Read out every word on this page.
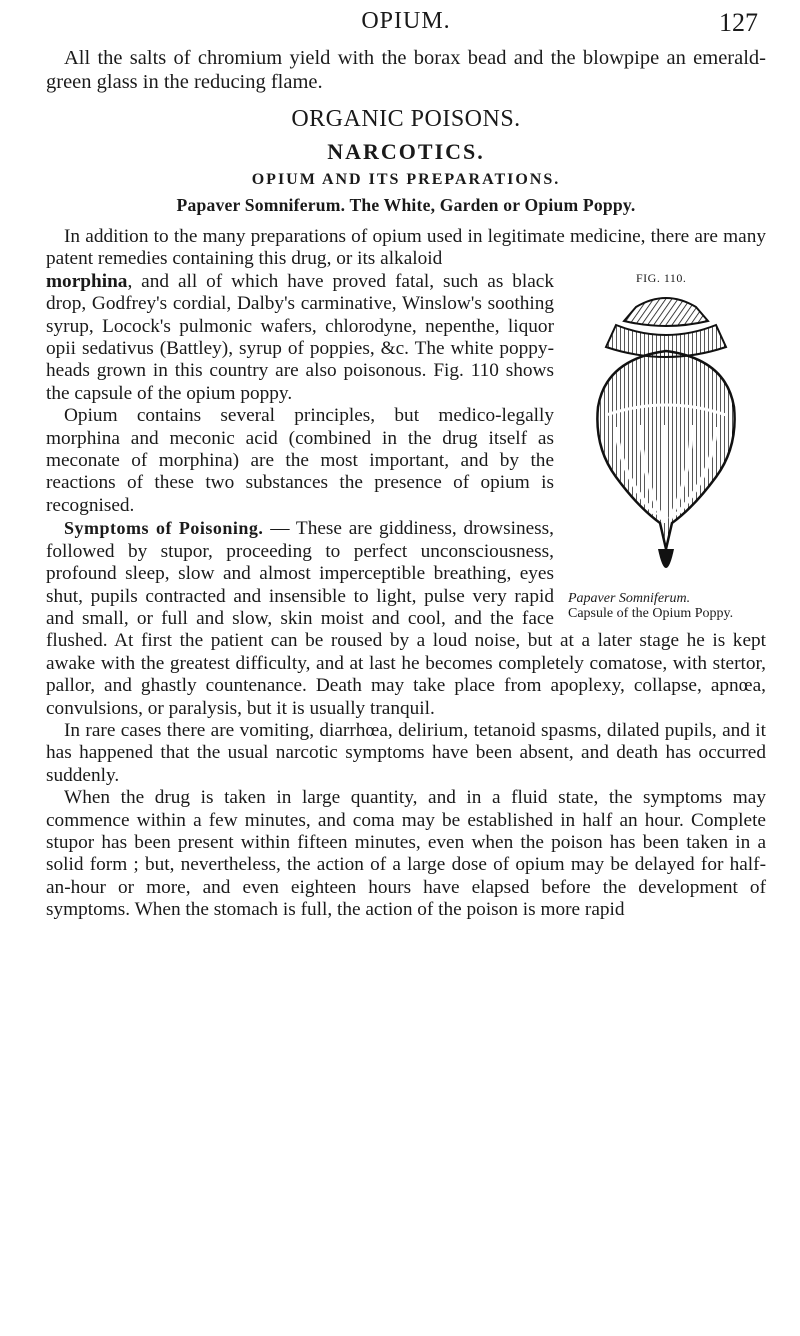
OPIUM.	127

All the salts of chromium yield with the borax bead and the blowpipe an emerald-green glass in the reducing flame.

ORGANIC POISONS.
NARCOTICS.
OPIUM AND ITS PREPARATIONS.
Papaver Somniferum. The White, Garden or Opium Poppy.

In addition to the many preparations of opium used in legitimate medicine, there are many patent remedies containing this drug, or its alkaloid

FIG. 110.
Papaver Somniferum.
Capsule of the Opium Poppy.

morphina, and all of which have proved fatal, such as black drop, Godfrey's cordial, Dalby's carminative, Winslow's soothing syrup, Locock's pulmonic wafers, chlorodyne, nepenthe, liquor opii sedativus (Battley), syrup of poppies, &c. The white poppy-heads grown in this country are also poisonous. Fig. 110 shows the capsule of the opium poppy.

Opium contains several principles, but medico-legally morphina and meconic acid (combined in the drug itself as meconate of morphina) are the most important, and by the reactions of these two substances the presence of opium is recognised.

Symptoms of Poisoning. — These are giddiness, drowsiness, followed by stupor, proceeding to perfect unconsciousness, profound sleep, slow and almost imperceptible breathing, eyes shut, pupils contracted and insensible to light, pulse very rapid and small, or full and slow, skin moist and cool, and the face flushed. At first the patient can be roused by a loud noise, but at a later stage he is kept awake with the greatest difficulty, and at last he becomes completely comatose, with stertor, pallor, and ghastly countenance. Death may take place from apoplexy, collapse, apnœa, convulsions, or paralysis, but it is usually tranquil.

In rare cases there are vomiting, diarrhœa, delirium, tetanoid spasms, dilated pupils, and it has happened that the usual narcotic symptoms have been absent, and death has occurred suddenly.

When the drug is taken in large quantity, and in a fluid state, the symptoms may commence within a few minutes, and coma may be established in half an hour. Complete stupor has been present within fifteen minutes, even when the poison has been taken in a solid form ; but, nevertheless, the action of a large dose of opium may be delayed for half-an-hour or more, and even eighteen hours have elapsed before the development of symptoms. When the stomach is full, the action of the poison is more rapid
